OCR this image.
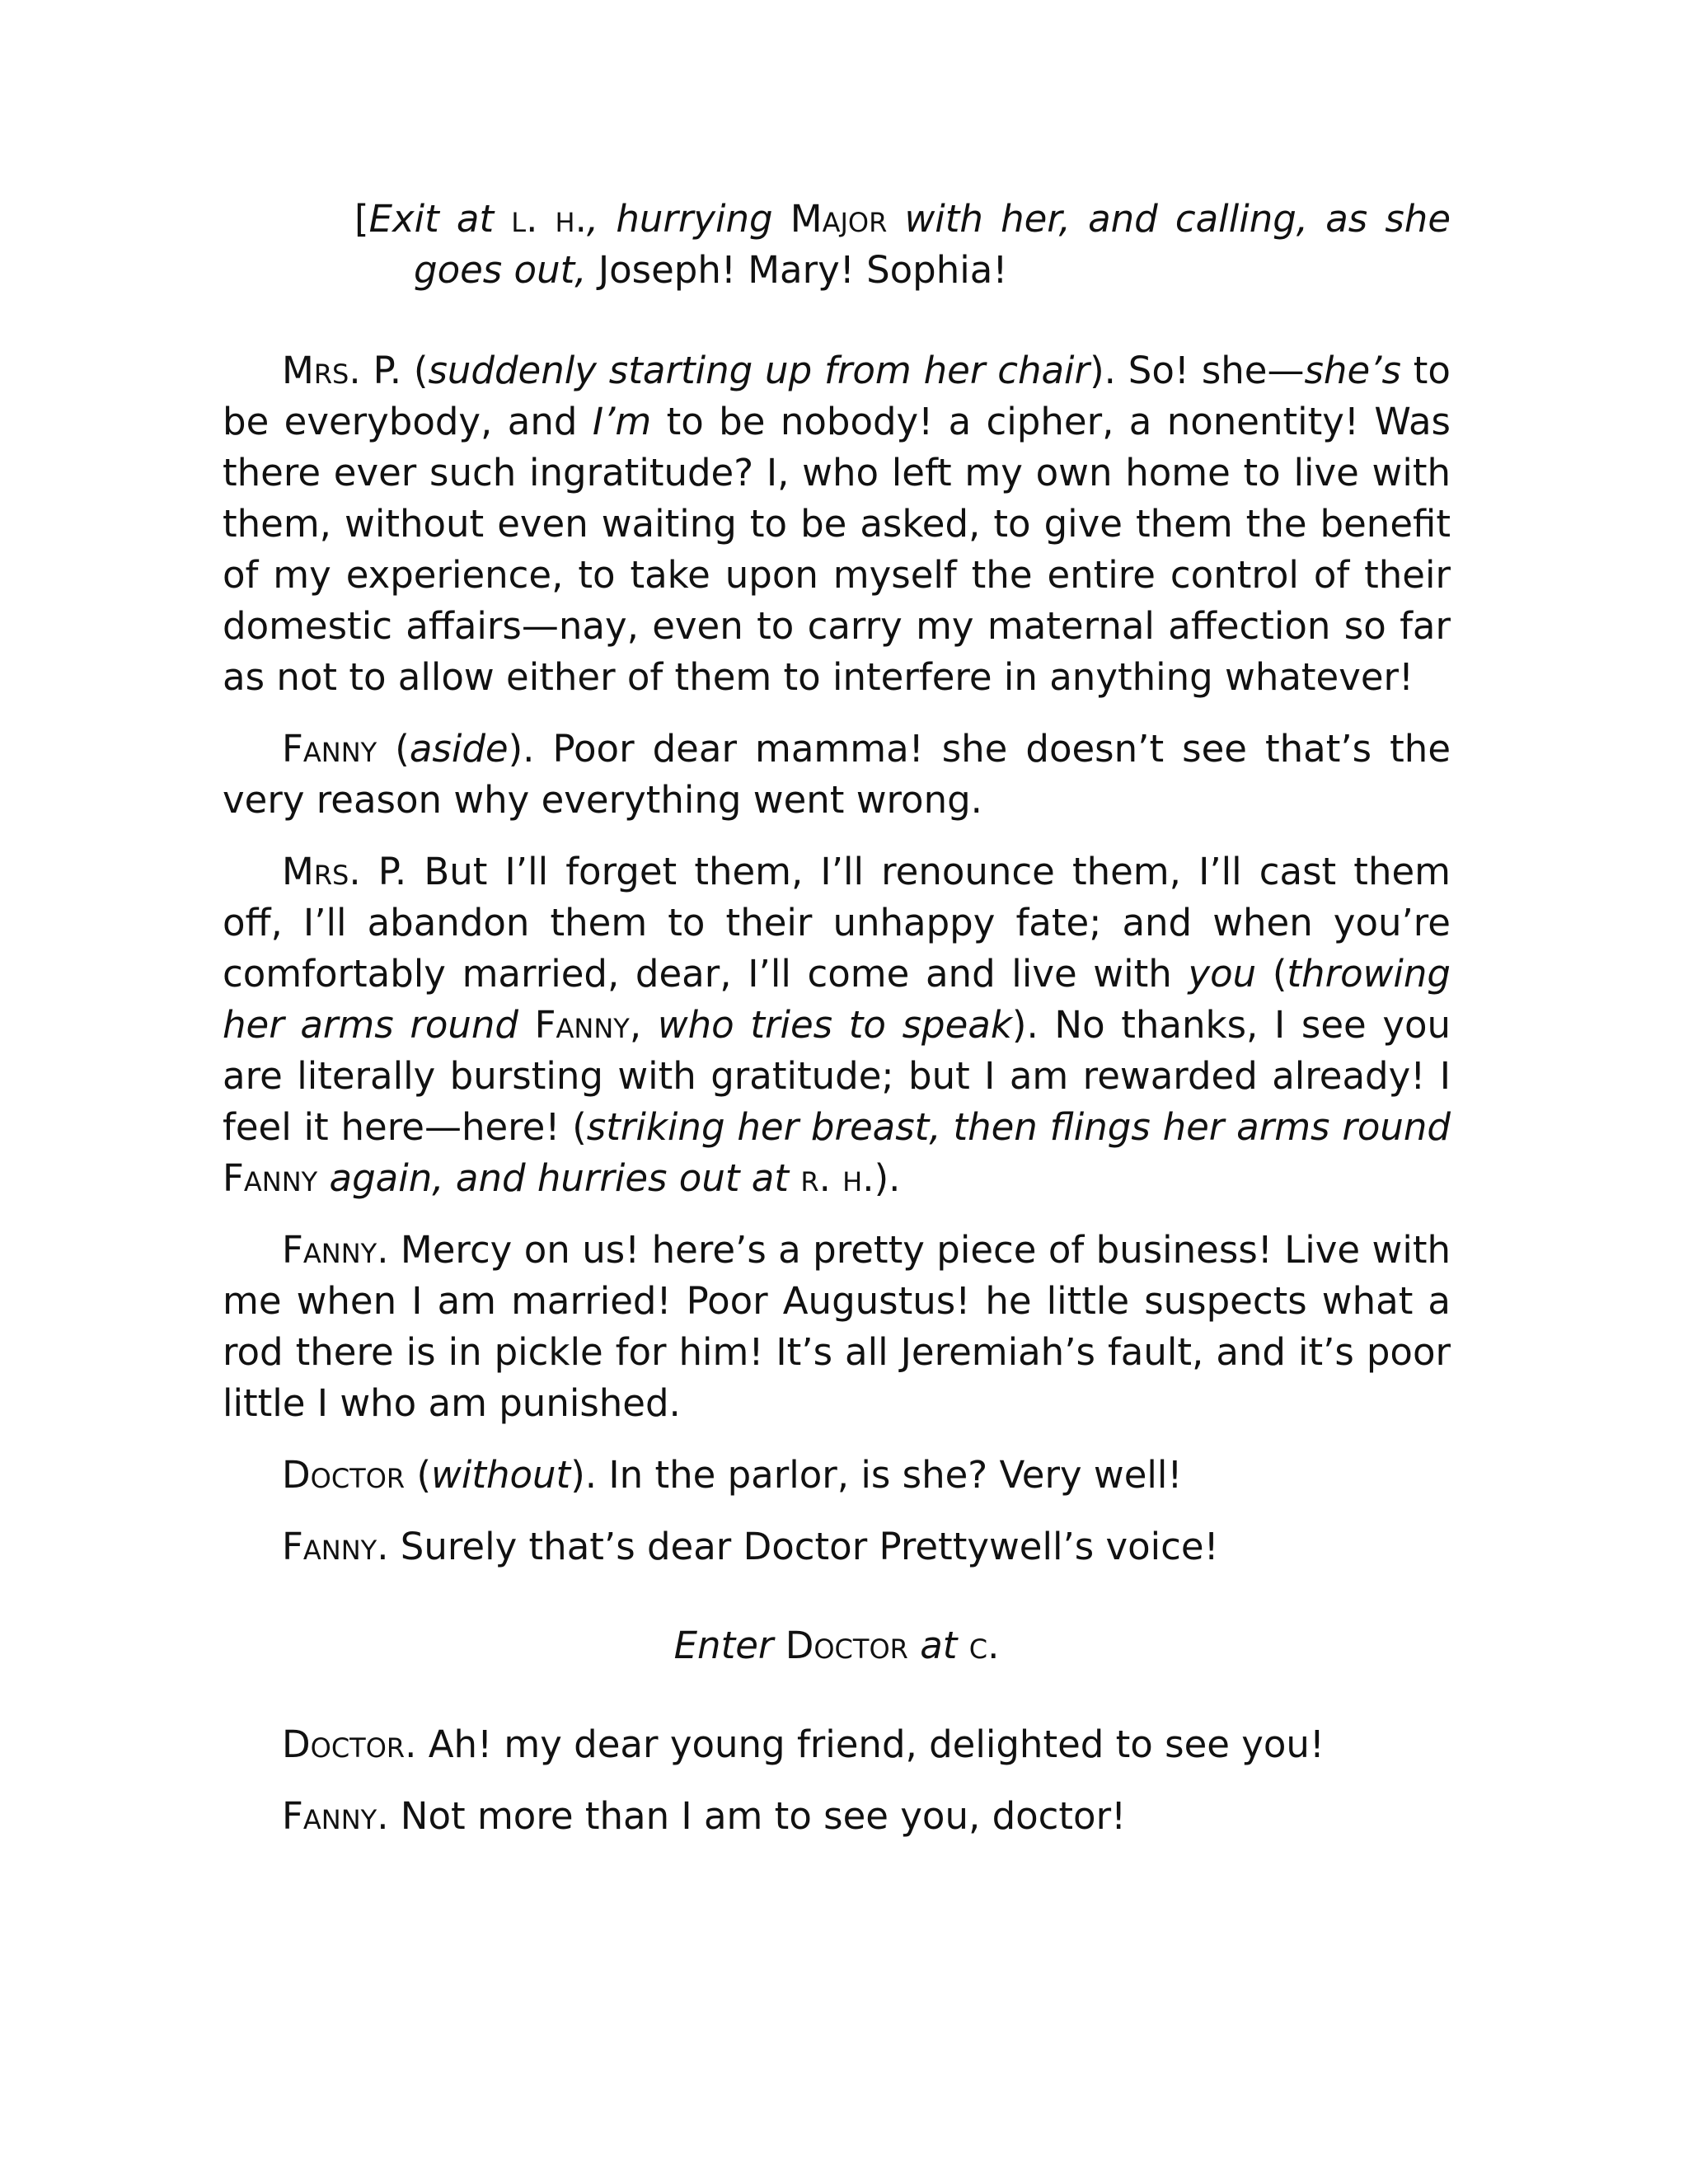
[Exit at l. h., hurrying Major with her, and calling, as she goes out, Joseph! Mary! Sophia!

Mrs. P. (suddenly starting up from her chair). So! she—she’s to be everybody, and I’m to be nobody! a cipher, a nonentity! Was there ever such ingratitude? I, who left my own home to live with them, without even waiting to be asked, to give them the benefit of my experience, to take upon myself the entire control of their domestic affairs—nay, even to carry my maternal affection so far as not to allow either of them to interfere in anything whatever!

Fanny (aside). Poor dear mamma! she doesn’t see that’s the very reason why everything went wrong.

Mrs. P. But I’ll forget them, I’ll renounce them, I’ll cast them off, I’ll abandon them to their unhappy fate; and when you’re comfortably married, dear, I’ll come and live with you (throwing her arms round Fanny, who tries to speak). No thanks, I see you are literally bursting with gratitude; but I am rewarded already! I feel it here—here! (striking her breast, then flings her arms round Fanny again, and hurries out at r. h.).

Fanny. Mercy on us! here’s a pretty piece of business! Live with me when I am married! Poor Augustus! he little suspects what a rod there is in pickle for him! It’s all Jeremiah’s fault, and it’s poor little I who am punished.

Doctor (without). In the parlor, is she? Very well!

Fanny. Surely that’s dear Doctor Prettywell’s voice!

Enter Doctor at c.

Doctor. Ah! my dear young friend, delighted to see you!

Fanny. Not more than I am to see you, doctor!
